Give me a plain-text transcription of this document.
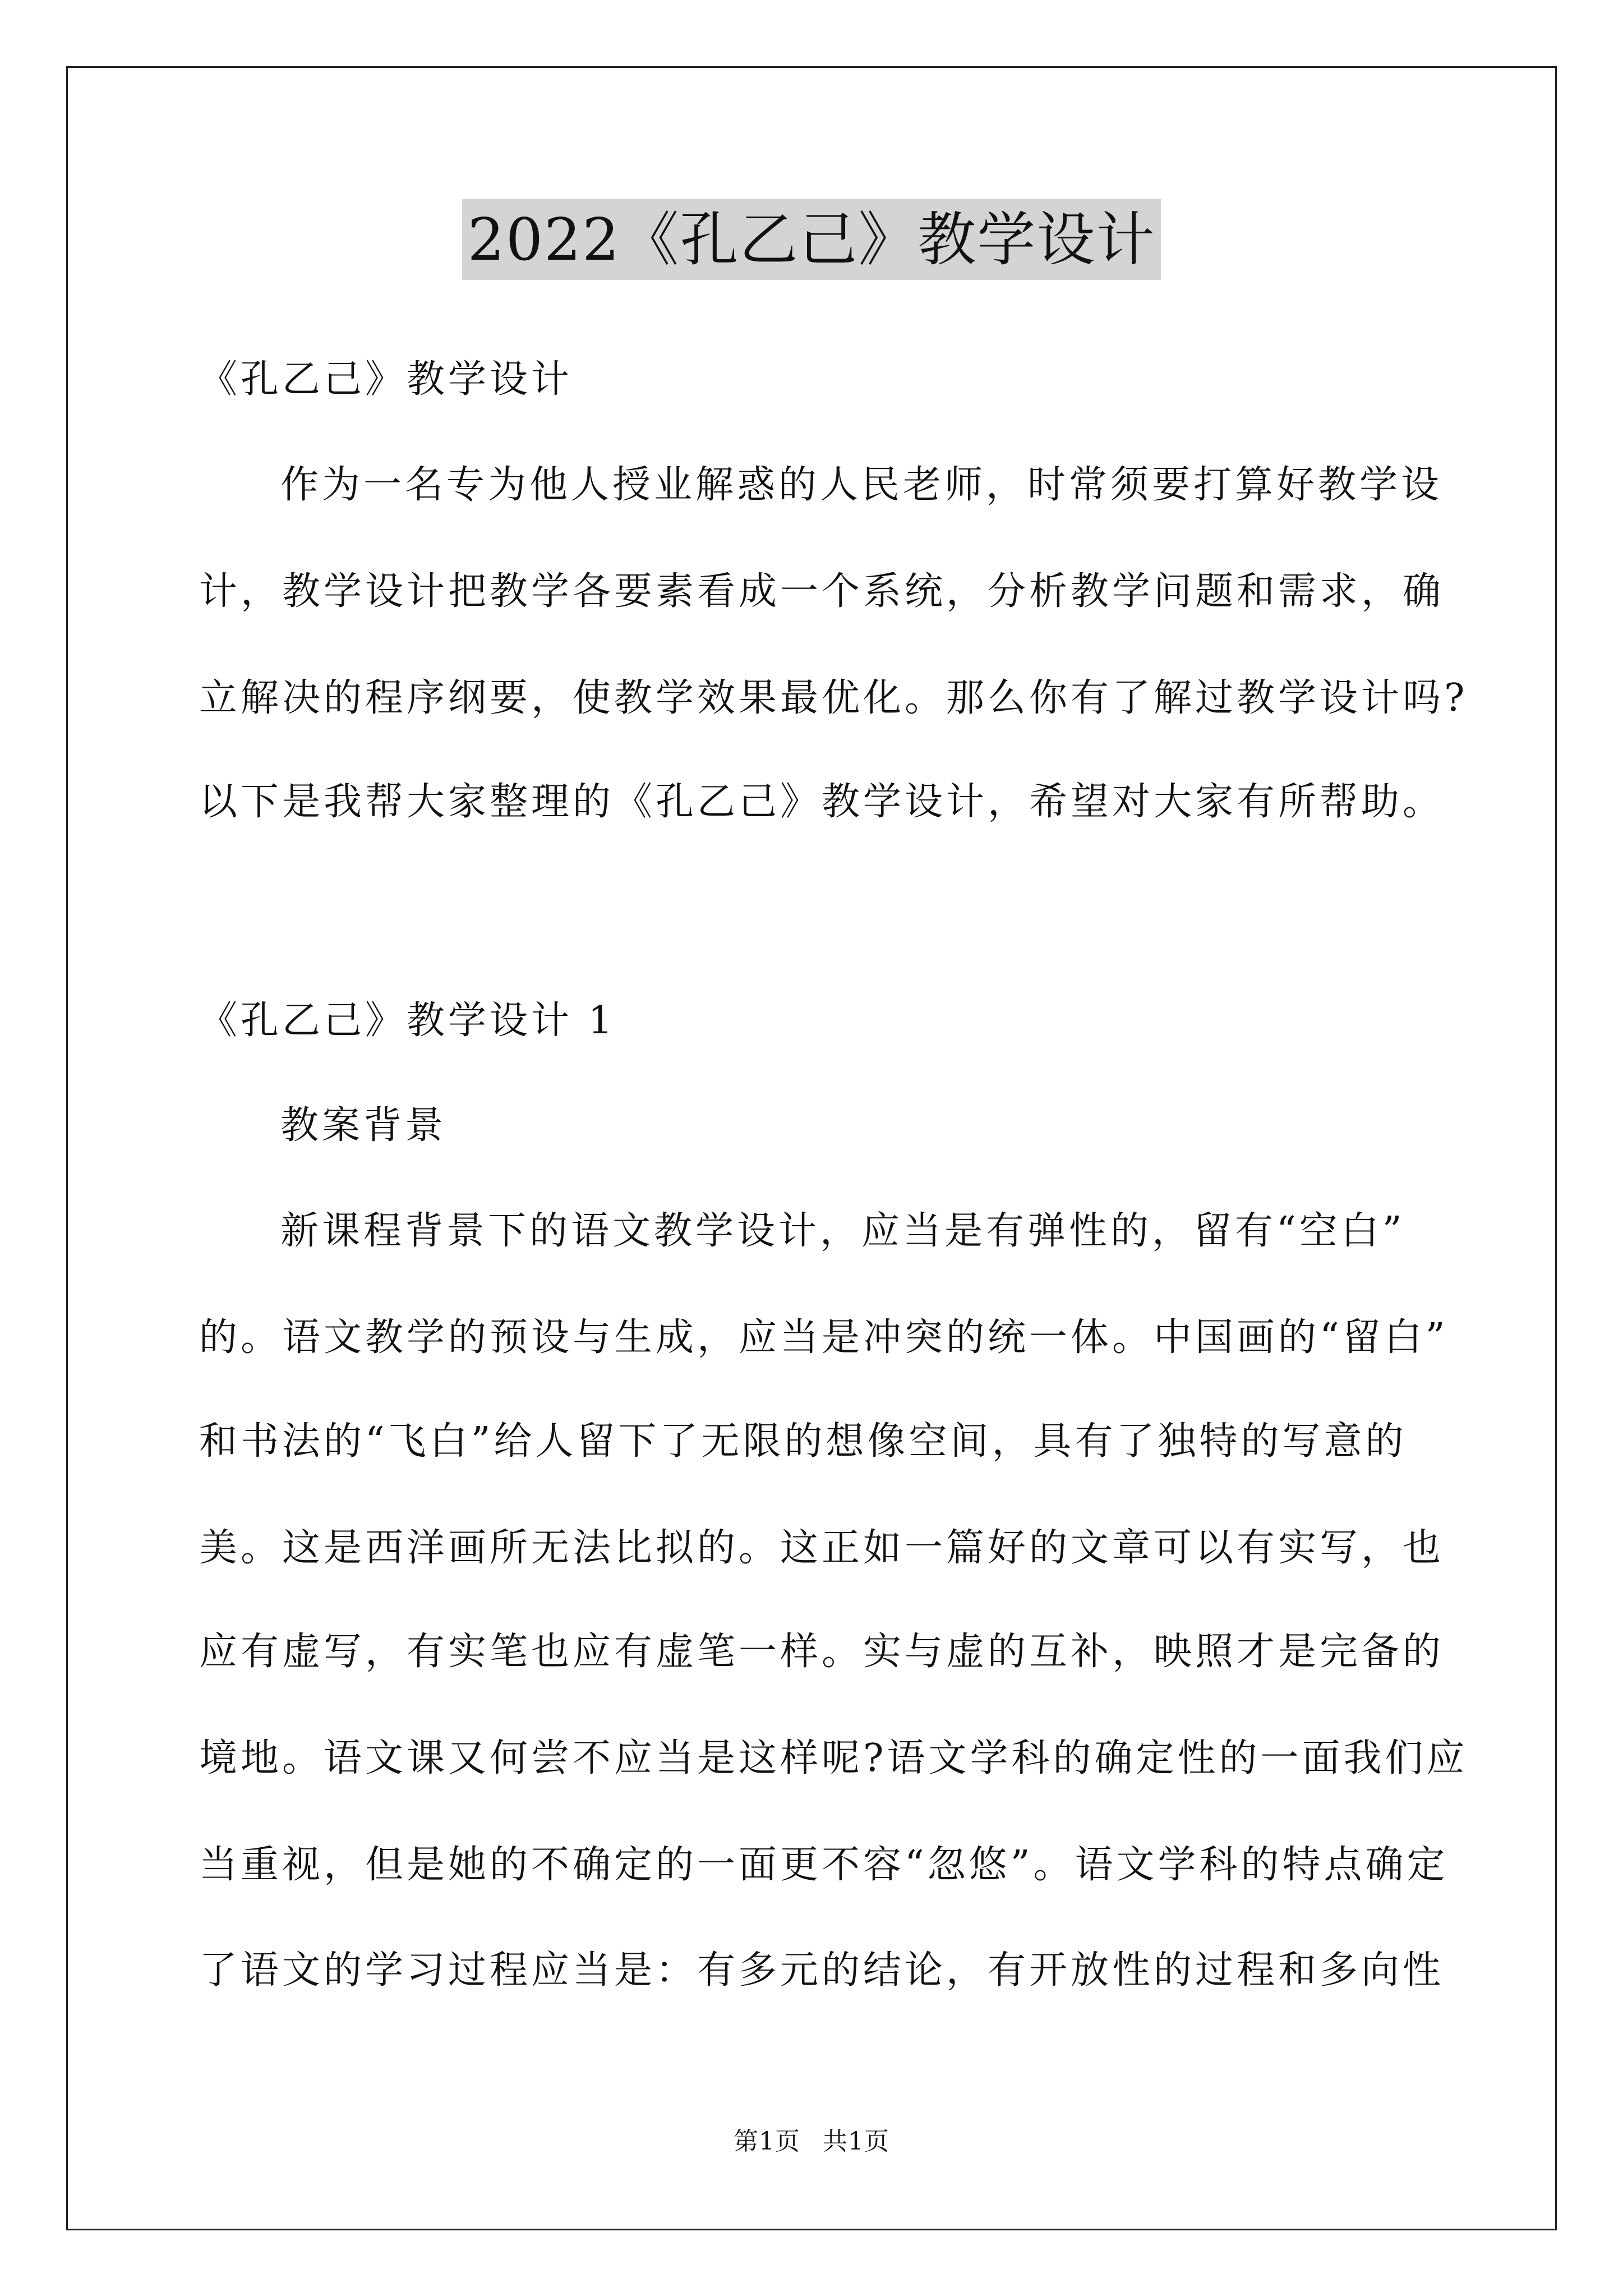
2022《孔乙己》教学设计
《孔乙己》教学设计
作为一名专为他人授业解惑的人民老师，时常须要打算好教学设
计，教学设计把教学各要素看成一个系统，分析教学问题和需求，确
立解决的程序纲要，使教学效果最优化。那么你有了解过教学设计吗?
以下是我帮大家整理的《孔乙己》教学设计，希望对大家有所帮助。
《孔乙己》教学设计 1
教案背景
新课程背景下的语文教学设计，应当是有弹性的，留有“空白”
的。语文教学的预设与生成，应当是冲突的统一体。中国画的“留白”
和书法的“飞白”给人留下了无限的想像空间，具有了独特的写意的
美。这是西洋画所无法比拟的。这正如一篇好的文章可以有实写，也
应有虚写，有实笔也应有虚笔一样。实与虚的互补，映照才是完备的
境地。语文课又何尝不应当是这样呢?语文学科的确定性的一面我们应
当重视，但是她的不确定的一面更不容“忽悠”。语文学科的特点确定
了语文的学习过程应当是：有多元的结论，有开放性的过程和多向性
第1页 共1页
